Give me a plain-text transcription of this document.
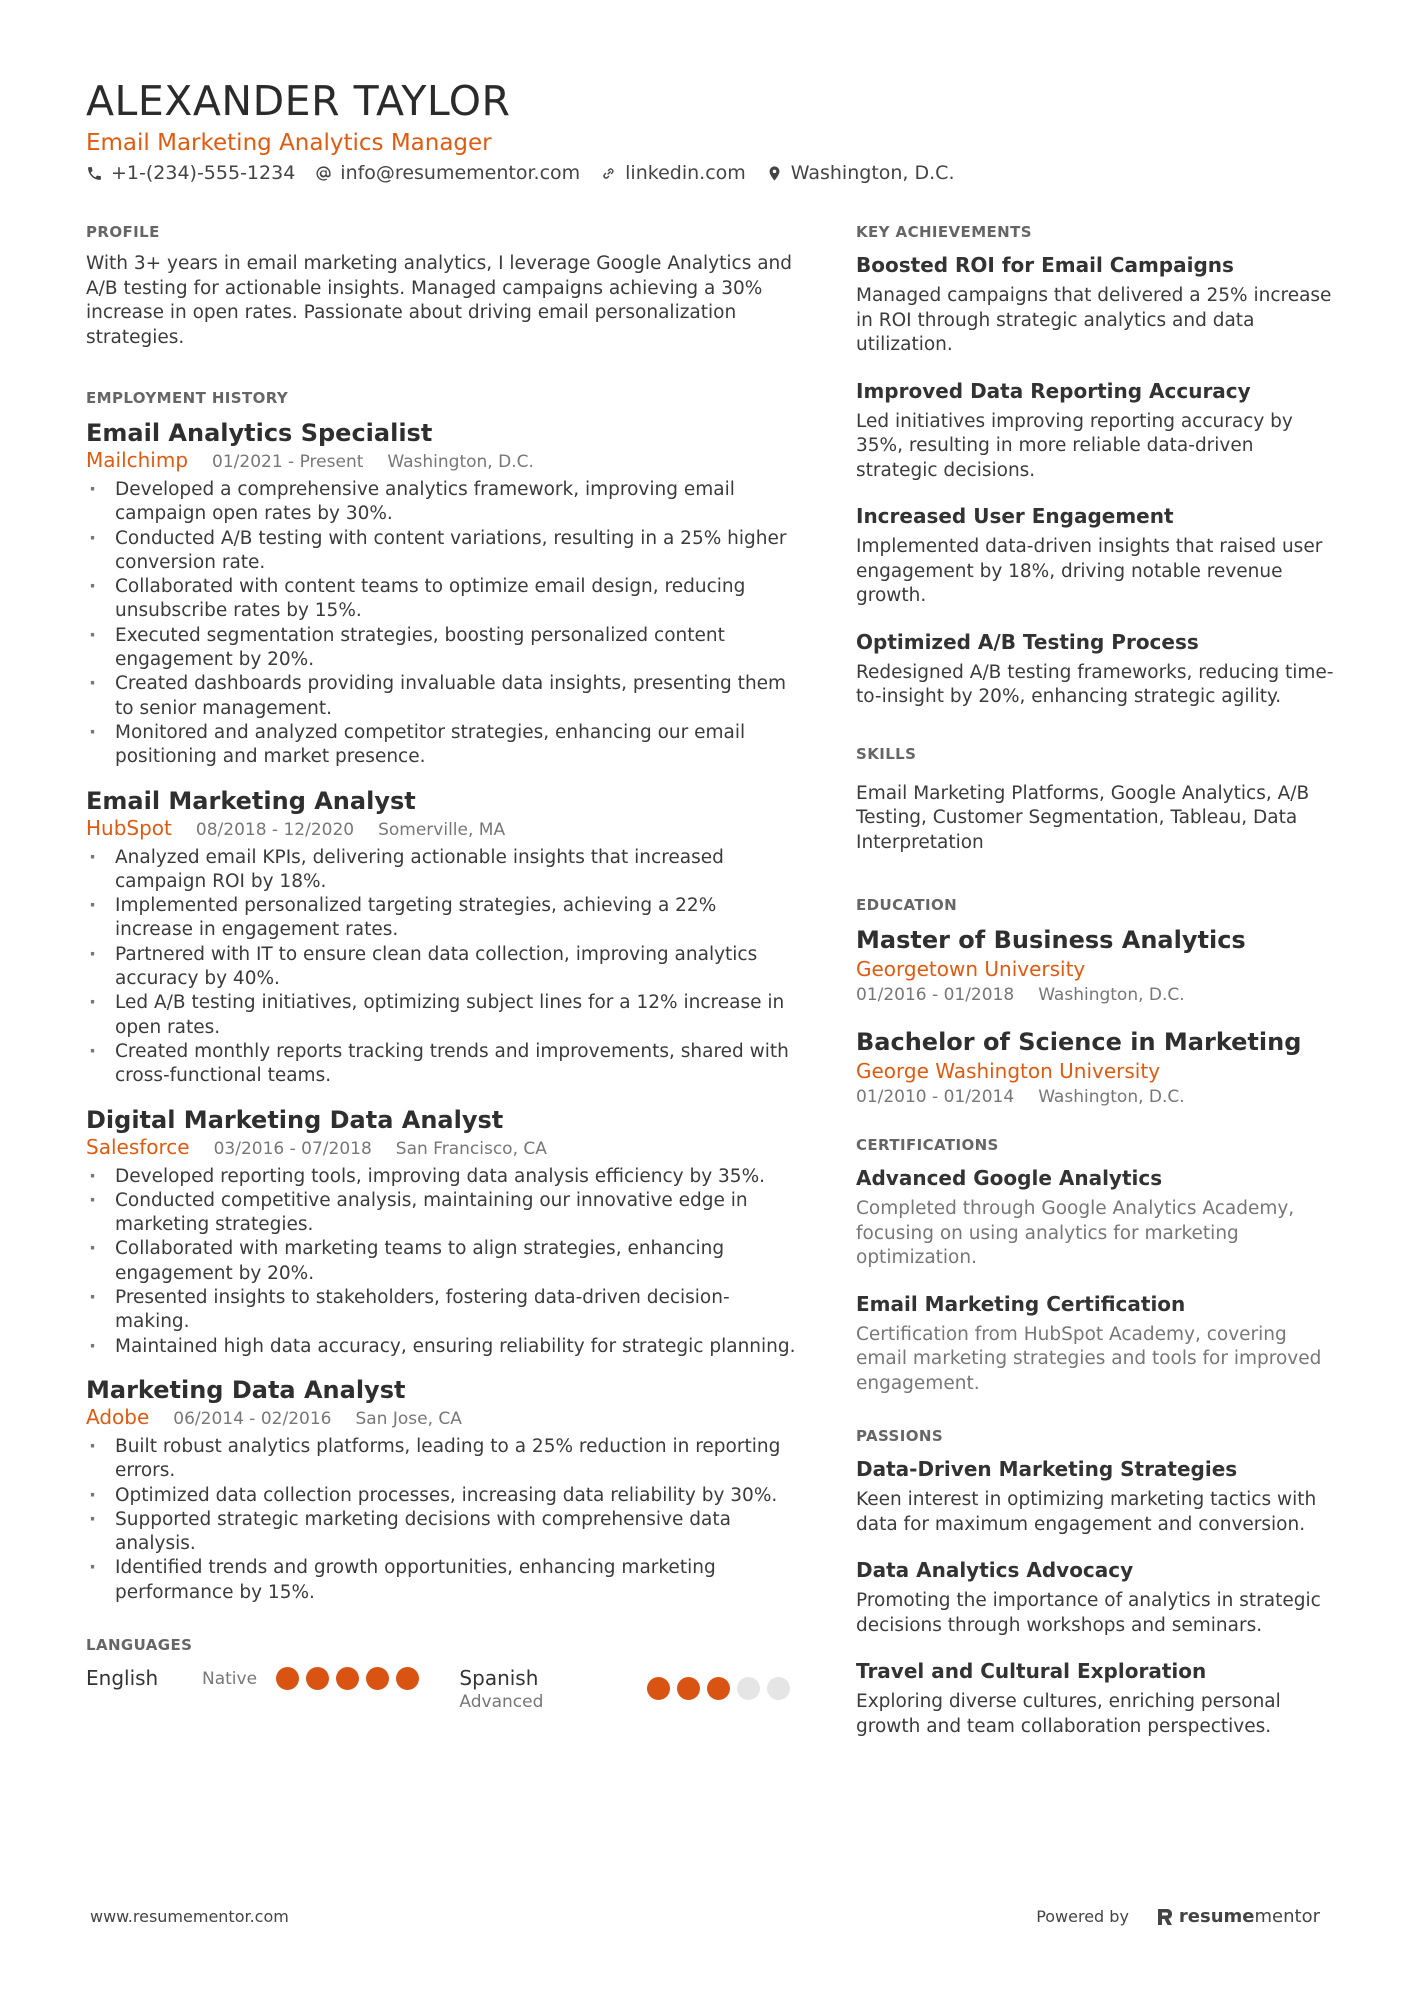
ALEXANDER TAYLOR
Email Marketing Analytics Manager
+1-(234)-555-1234 info@resumementor.com linkedin.com Washington, D.C.
PROFILE

With 3+ years in email marketing analytics, I leverage Google Analytics and A/B testing for actionable insights. Managed campaigns achieving a 30% increase in open rates. Passionate about driving email personalization strategies.

EMPLOYMENT HISTORY
Email Analytics Specialist
Mailchimp 01/2021 - Present Washington, D.C.
· Developed a comprehensive analytics framework, improving email campaign open rates by 30%.
· Conducted A/B testing with content variations, resulting in a 25% higher conversion rate.
· Collaborated with content teams to optimize email design, reducing unsubscribe rates by 15%.
· Executed segmentation strategies, boosting personalized content engagement by 20%.
· Created dashboards providing invaluable data insights, presenting them to senior management.
· Monitored and analyzed competitor strategies, enhancing our email positioning and market presence.
Email Marketing Analyst
HubSpot 08/2018 - 12/2020 Somerville, MA
· Analyzed email KPIs, delivering actionable insights that increased campaign ROI by 18%.
· Implemented personalized targeting strategies, achieving a 22% increase in engagement rates.
· Partnered with IT to ensure clean data collection, improving analytics accuracy by 40%.
· Led A/B testing initiatives, optimizing subject lines for a 12% increase in open rates.
· Created monthly reports tracking trends and improvements, shared with cross-functional teams.
Digital Marketing Data Analyst
Salesforce 03/2016 - 07/2018 San Francisco, CA
· Developed reporting tools, improving data analysis efficiency by 35%.
· Conducted competitive analysis, maintaining our innovative edge in marketing strategies.
· Collaborated with marketing teams to align strategies, enhancing engagement by 20%.
· Presented insights to stakeholders, fostering data-driven decision-making.
· Maintained high data accuracy, ensuring reliability for strategic planning.
Marketing Data Analyst
Adobe 06/2014 - 02/2016 San Jose, CA
· Built robust analytics platforms, leading to a 25% reduction in reporting errors.
· Optimized data collection processes, increasing data reliability by 30%.
· Supported strategic marketing decisions with comprehensive data analysis.
· Identified trends and growth opportunities, enhancing marketing performance by 15%.
LANGUAGES
English	Native	Spanish
Advanced
KEY ACHIEVEMENTS
Boosted ROI for Email Campaigns

Managed campaigns that delivered a 25% increase in ROI through strategic analytics and data utilization.

Improved Data Reporting Accuracy

Led initiatives improving reporting accuracy by 35%, resulting in more reliable data-driven strategic decisions.

Increased User Engagement

Implemented data-driven insights that raised user engagement by 18%, driving notable revenue growth.

Optimized A/B Testing Process

Redesigned A/B testing frameworks, reducing time-to-insight by 20%, enhancing strategic agility.

SKILLS

Email Marketing Platforms, Google Analytics, A/B Testing, Customer Segmentation, Tableau, Data Interpretation

EDUCATION
Master of Business Analytics
Georgetown University
01/2016 - 01/2018 Washington, D.C.
Bachelor of Science in Marketing
George Washington University
01/2010 - 01/2014 Washington, D.C.
CERTIFICATIONS
Advanced Google Analytics

Completed through Google Analytics Academy, focusing on using analytics for marketing optimization.

Email Marketing Certification

Certification from HubSpot Academy, covering email marketing strategies and tools for improved engagement.

PASSIONS
Data-Driven Marketing Strategies

Keen interest in optimizing marketing tactics with data for maximum engagement and conversion.

Data Analytics Advocacy

Promoting the importance of analytics in strategic decisions through workshops and seminars.

Travel and Cultural Exploration

Exploring diverse cultures, enriching personal growth and team collaboration perspectives.

www.resumementor.com	Powered by	resume mentor
